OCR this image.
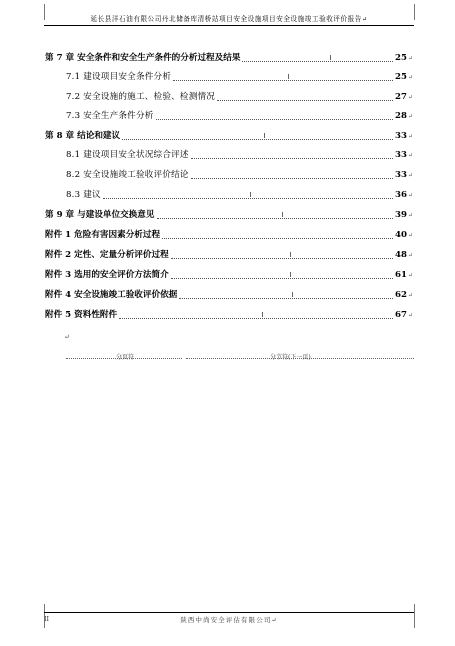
延长县洋石油有限公司丹北储备库清桥站项目安全设施项目安全设施竣工验收评价报告↵
第 7 章 安全条件和安全生产条件的分析过程及结果	25 ↵
7.1 建设项目安全条件分析	25 ↵
7.2 安全设施的施工、检验、检测情况	27 ↵
7.3 安全生产条件分析	28 ↵
第 8 章 结论和建议	33 ↵
8.1 建设项目安全状况综合评述	33 ↵
8.2 安全设施竣工验收评价结论	33 ↵
8.3 建议	36 ↵
第 9 章 与建设单位交换意见	39 ↵
附件 1 危险有害因素分析过程	40 ↵
附件 2 定性、定量分析评价过程	48 ↵
附件 3 选用的安全评价方法简介	61 ↵
附件 4 安全设施竣工验收评价依据	62 ↵
附件 5 资料性附件	67 ↵
↵
分页符	分节符(下一页)
II	陕西中尚安全评估有限公司↵
